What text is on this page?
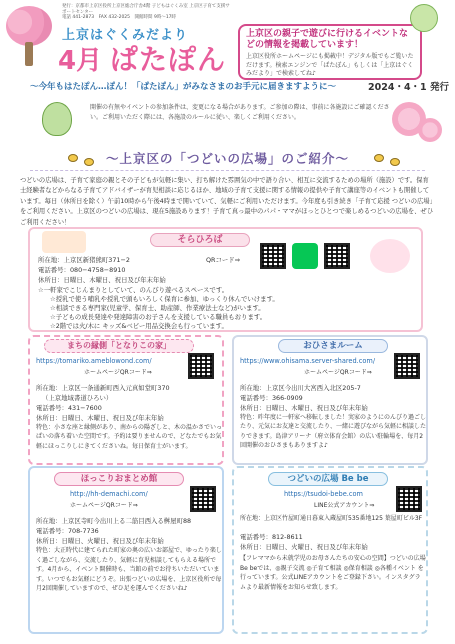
発行：京都市上京区役所上京区総合庁舎4階 子どもはぐくみ室 上京区子育て支援サポートセンター
電話 441-2873　FAX 432-2025　開館時間 9時〜17時
上京はぐくみだより
4月 ぱたぽん
上京区の親子で遊びに行けるイベントなどの情報を掲載しています！

上京区役所ホームページにも掲載中！デジタル版でもご覧いただけます。検索エンジンで「ぱたぽん」もしくは「上京はぐくみだより」で検索してね♪

〜今年もはたぽん…ぽん！「ぱたぽん」がみなさまのお手元に届きますように〜	2024・4・1 発行
開催の有無やイベントの参加条件は、変更になる場合があります。ご参加の際は、事前に各施設にご確認ください。ご利用いただく際には、各施設のルールに従い、楽しくご利用ください。
〜上京区の「つどいの広場」のご紹介〜
つどいの広場は、子育て家庭の親とその子どもが気軽に集い、打ち解けた雰囲気の中で語り合い、相互に交流するための場所（施設）です。保育士経験者などからなる子育てアドバイザーが育児相談に応じるほか、地域の子育て支援に関する情報の提供や子育て講座等のイベントも開催しています。毎日（休所日を除く）午前10時から午後4時まで開いていて、気軽にご利用いただけます。今年度も引き続き「子育て応援 つどいの広場」をご利用ください。上京区のつどいの広場は、現在5施設あります！子育て真っ最中のパパ・ママがほっとひとつで楽しめるつどいの広場を、ぜひご利用ください！
そらひろば
所在地：上京区新猪熊町371−2	QRコード⇒
電話番号：080−4758−8910
休所日：日曜日、木曜日、祝日及び年末年始
☆一軒家でこじんまりとしていて、のんびり遊べるスペースです。
☆授乳で使う哺乳や授乳で頭もいろしく保育に参加、ゆっくり休んでいけます。
☆相談できる専門家(児童学、保育士、助産師、作業療法士など)がいます。
☆子どもの成長発達や発達障害のお子さんを支援している職員もおります。
☆2階では火/木に キッズ&ベビー用品交換会も行っています。
まちの縁側「となりこの家」
https://tomariko.ameblowond.com/
ホームページQRコード⇒
所在地：上京区一条通新町西入元真如堂町370
（上京地域書道ひろい）
電話番号：431−7600
休所日：日曜日、木曜日、祝日及び年末年始
特色：小さな座と縁側があり、南からの陽ざしと、木の温かさでいっぱいの落ち着いた空間です。予約は要りませんので、どなたでもお気軽にほっこりしにきてくださいね。毎日保育士がいます。
おひさまルーム
https://www.ohisama.server-shared.com/
ホームページQRコード⇒
所在地：上京区今出川大宮西入北区205-7
電話番号：366-0909
休所日：日曜日、木曜日、祝日及び年末年始
特色：昨年度に一軒家へ移転しました！実家のようにのんびり過ごしたり、元気にお友達と交流したり、一緒に遊びながら気軽に相談したりできます。島津アリーナ（府立体育会館）の広い駐輪場を、毎月2回開催のおひさまもありますよ♪
ほっこりおまとめ館
http://hh-demachi.com/
ホームページQRコード⇒
所在地：上京区寺町今出川上る二筋目西入る桝屋町88
電話番号：708-7736
休所日：日曜日、火曜日、祝日及び年末年始
特色：大正時代に建てられた町家の奥の広いお部屋で、ゆったり楽しく過ごしながら、交流したり、気軽に育児相談してもらえる場所です。4月から、イベント開催時も、当館の前でお待ちいただいています。いつでもお気軽にどうぞ。出張つどいの広場を、上京区役所で毎月2回開催していますので、ぜひ足を運んでくださいね♪
つどいの広場 Be be
https://tsudoi-bebe.com
LINE公式アカウント⇒
所在地：上京区竹屋町通日暮東入蔵屋町535番地125 葉屋町ビル3F
電話番号：812-8611
休所日：日曜日、火曜日、祝日及び年末年始
【フレママから未就学児のお母さんたちの安心の空間】つどいの広場Be beでは、◎親子交流 ◎子育て相談 ◎保育相談 ◎各種イベント を行っています。公式LINEアカウントをご登録下さい。インスタグラムより最新情報をお知らせ致します。
